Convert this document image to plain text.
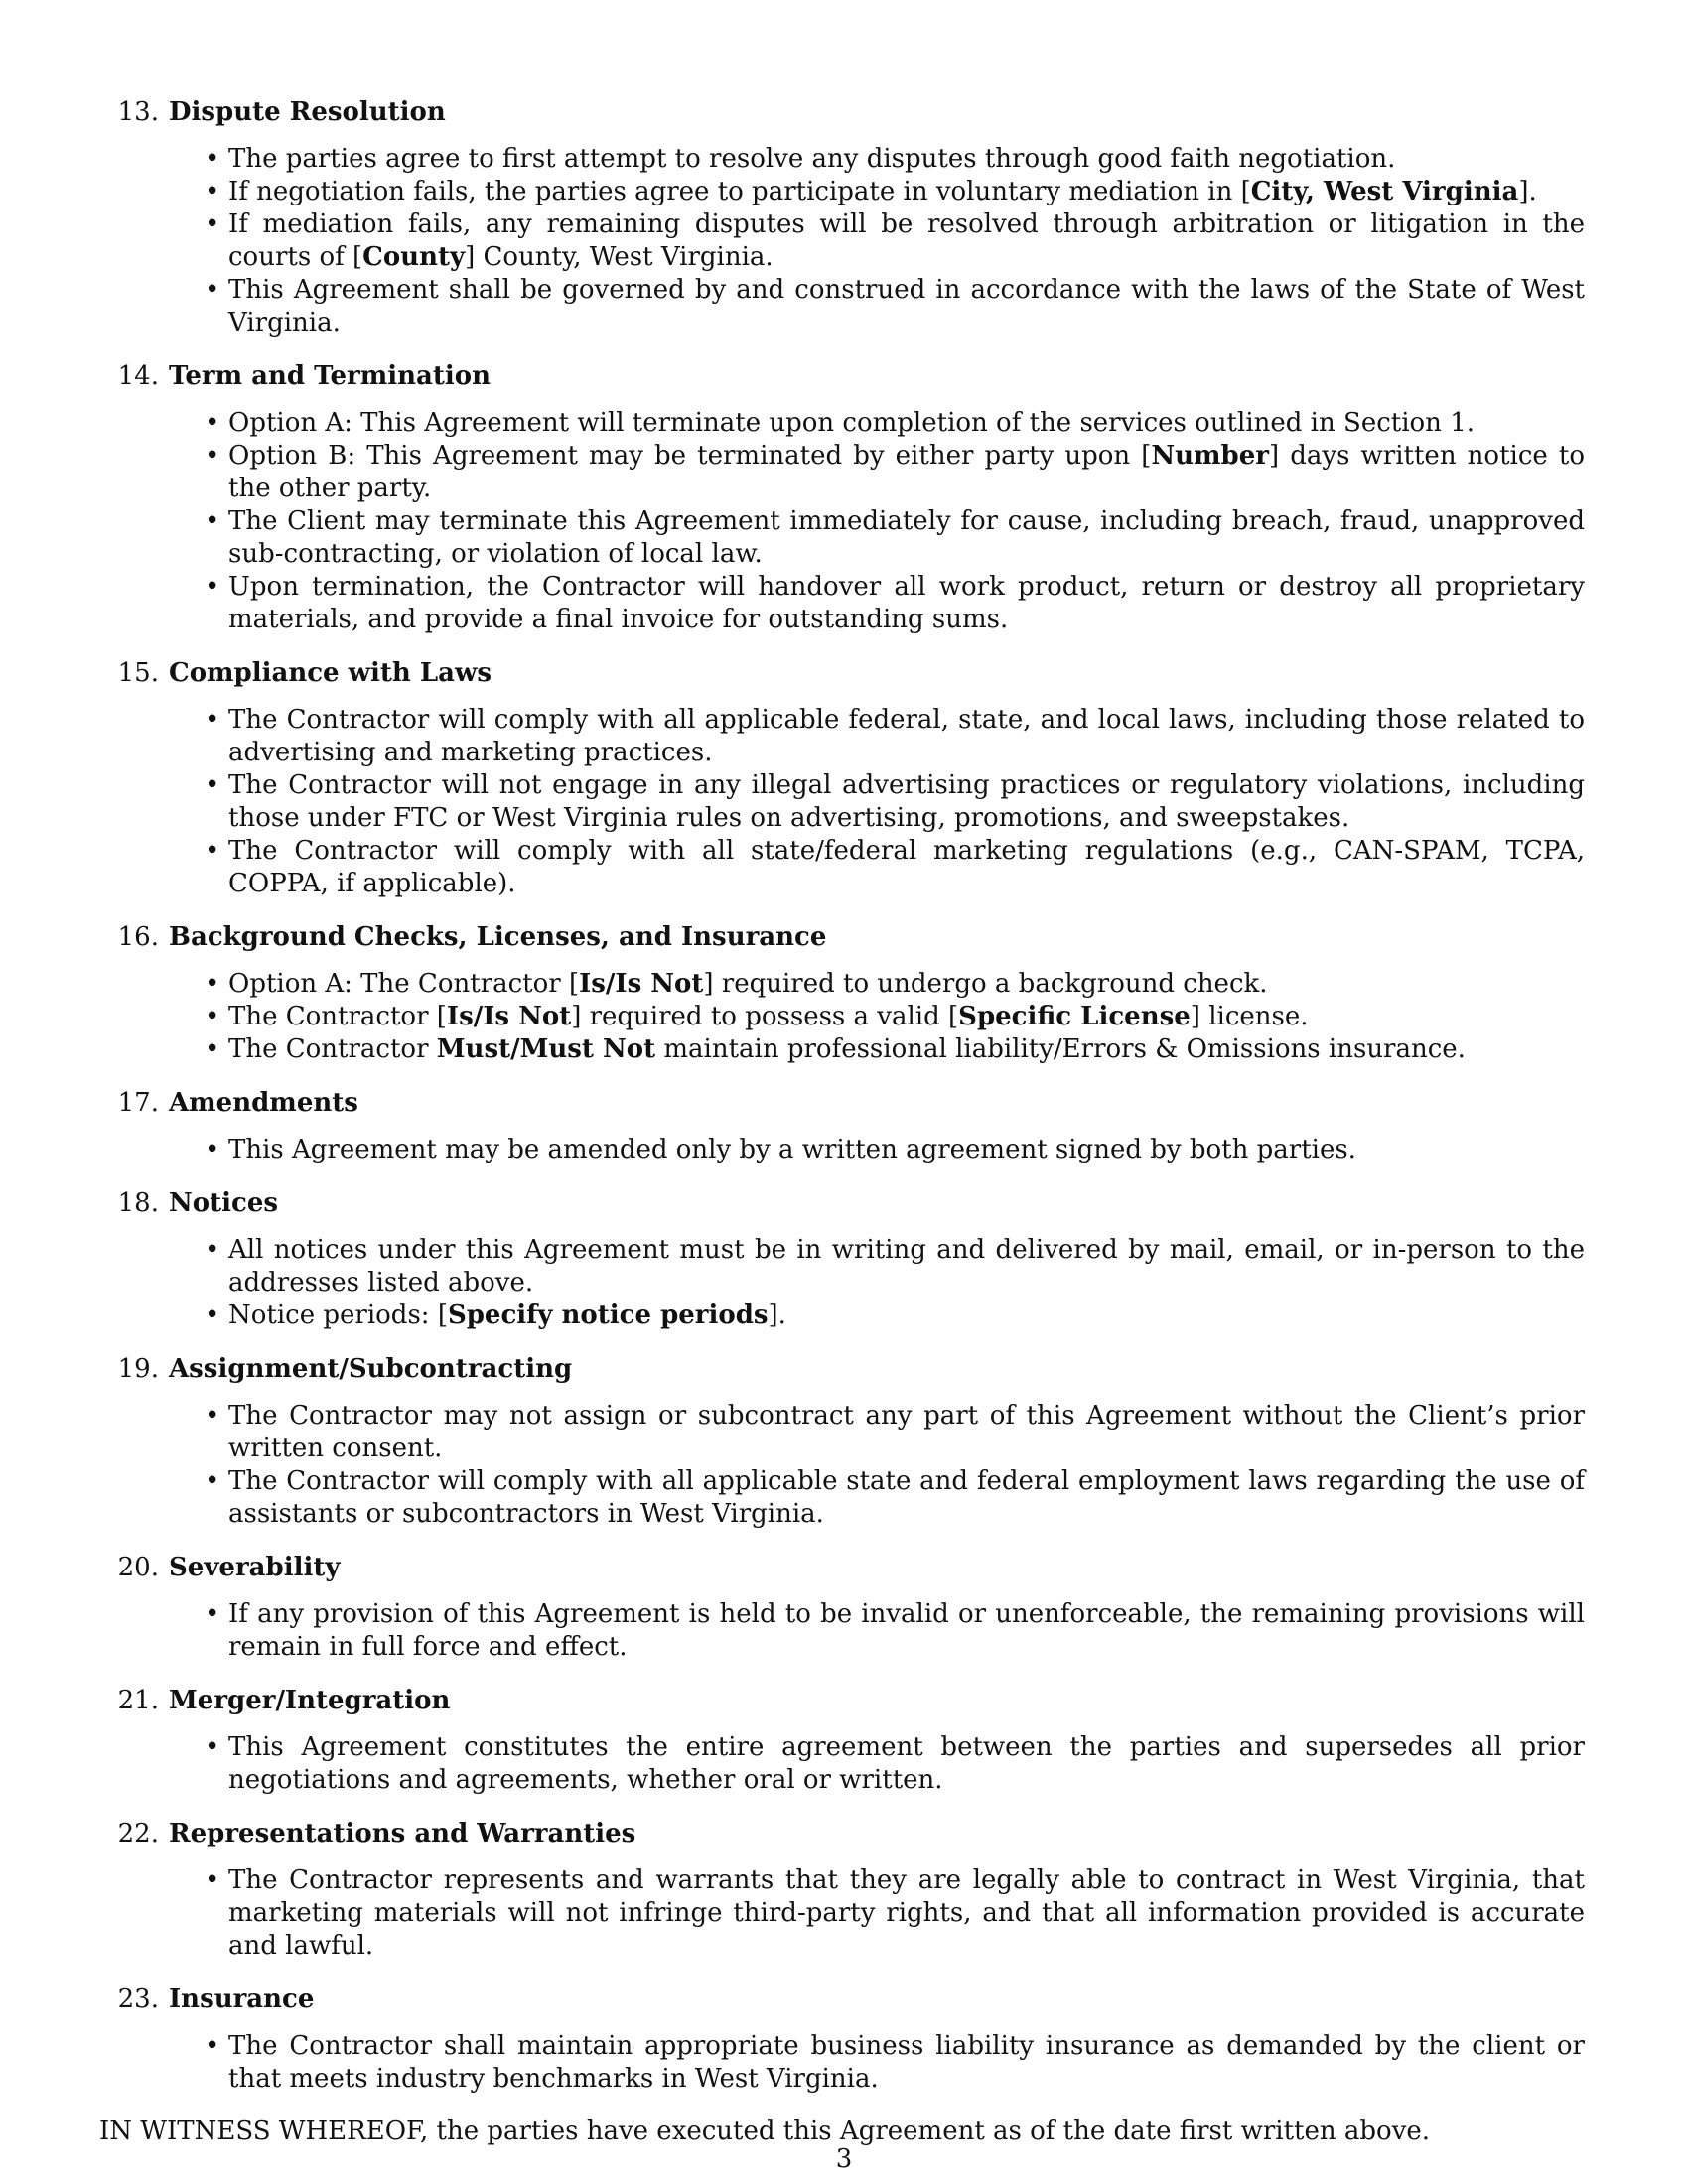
13. Dispute Resolution
• The parties agree to first attempt to resolve any disputes through good faith negotiation.
• If negotiation fails, the parties agree to participate in voluntary mediation in [City, West Virginia].
• If mediation fails, any remaining disputes will be resolved through arbitration or litigation in the courts of [County] County, West Virginia.
• This Agreement shall be governed by and construed in accordance with the laws of the State of West Virginia.
14. Term and Termination
• Option A: This Agreement will terminate upon completion of the services outlined in Section 1.
• Option B: This Agreement may be terminated by either party upon [Number] days written notice to the other party.
• The Client may terminate this Agreement immediately for cause, including breach, fraud, unapproved sub-contracting, or violation of local law.
• Upon termination, the Contractor will handover all work product, return or destroy all proprietary materials, and provide a final invoice for outstanding sums.
15. Compliance with Laws
• The Contractor will comply with all applicable federal, state, and local laws, including those related to advertising and marketing practices.
• The Contractor will not engage in any illegal advertising practices or regulatory violations, including those under FTC or West Virginia rules on advertising, promotions, and sweepstakes.
• The Contractor will comply with all state/federal marketing regulations (e.g., CAN-SPAM, TCPA, COPPA, if applicable).
16. Background Checks, Licenses, and Insurance
• Option A: The Contractor [Is/Is Not] required to undergo a background check.
• The Contractor [Is/Is Not] required to possess a valid [Specific License] license.
• The Contractor Must/Must Not maintain professional liability/Errors & Omissions insurance.
17. Amendments
• This Agreement may be amended only by a written agreement signed by both parties.
18. Notices
• All notices under this Agreement must be in writing and delivered by mail, email, or in-person to the addresses listed above.
• Notice periods: [Specify notice periods].
19. Assignment/Subcontracting
• The Contractor may not assign or subcontract any part of this Agreement without the Client’s prior written consent.
• The Contractor will comply with all applicable state and federal employment laws regarding the use of assistants or subcontractors in West Virginia.
20. Severability
• If any provision of this Agreement is held to be invalid or unenforceable, the remaining provisions will remain in full force and effect.
21. Merger/Integration
• This Agreement constitutes the entire agreement between the parties and supersedes all prior negotiations and agreements, whether oral or written.
22. Representations and Warranties
• The Contractor represents and warrants that they are legally able to contract in West Virginia, that marketing materials will not infringe third-party rights, and that all information provided is accurate and lawful.
23. Insurance
• The Contractor shall maintain appropriate business liability insurance as demanded by the client or that meets industry benchmarks in West Virginia.

IN WITNESS WHEREOF, the parties have executed this Agreement as of the date first written above.

3
